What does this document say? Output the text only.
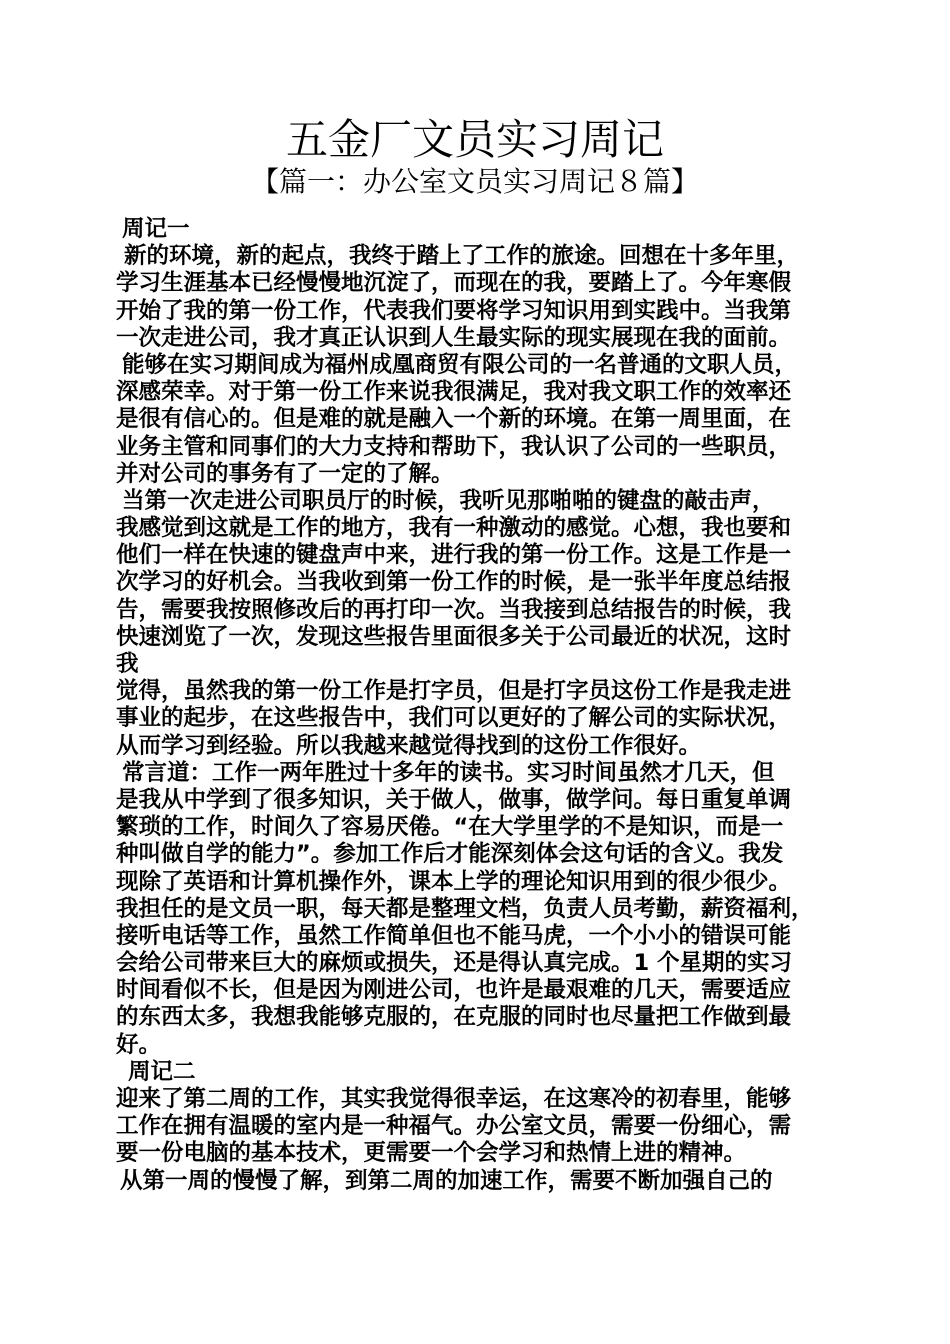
五金厂文员实习周记
【篇一：办公室文员实习周记８篇】
周记一
新的环境，新的起点，我终于踏上了工作的旅途。回想在十多年里，
学习生涯基本已经慢慢地沉淀了，而现在的我，要踏上了。今年寒假
开始了我的第一份工作，代表我们要将学习知识用到实践中。当我第
一次走进公司，我才真正认识到人生最实际的现实展现在我的面前。
能够在实习期间成为福州成凰商贸有限公司的一名普通的文职人员，
深感荣幸。对于第一份工作来说我很满足，我对我文职工作的效率还
是很有信心的。但是难的就是融入一个新的环境。在第一周里面，在
业务主管和同事们的大力支持和帮助下，我认识了公司的一些职员，
并对公司的事务有了一定的了解。
当第一次走进公司职员厅的时候，我听见那啪啪的键盘的敲击声，
我感觉到这就是工作的地方，我有一种激动的感觉。心想，我也要和
他们一样在快速的键盘声中来，进行我的第一份工作。这是工作是一
次学习的好机会。当我收到第一份工作的时候，是一张半年度总结报
告，需要我按照修改后的再打印一次。当我接到总结报告的时候，我
快速浏览了一次，发现这些报告里面很多关于公司最近的状况，这时
我
觉得，虽然我的第一份工作是打字员，但是打字员这份工作是我走进
事业的起步，在这些报告中，我们可以更好的了解公司的实际状况，
从而学习到经验。所以我越来越觉得找到的这份工作很好。
常言道：工作一两年胜过十多年的读书。实习时间虽然才几天，但
是我从中学到了很多知识，关于做人，做事，做学问。每日重复单调
繁琐的工作，时间久了容易厌倦。“在大学里学的不是知识，而是一
种叫做自学的能力”。参加工作后才能深刻体会这句话的含义。我发
现除了英语和计算机操作外，课本上学的理论知识用到的很少很少。
我担任的是文员一职，每天都是整理文档，负责人员考勤，薪资福利，
接听电话等工作，虽然工作简单但也不能马虎，一个小小的错误可能
会给公司带来巨大的麻烦或损失，还是得认真完成。1 个星期的实习
时间看似不长，但是因为刚进公司，也许是最艰难的几天，需要适应
的东西太多，我想我能够克服的，在克服的同时也尽量把工作做到最
好。
周记二
迎来了第二周的工作，其实我觉得很幸运，在这寒冷的初春里，能够
工作在拥有温暖的室内是一种福气。办公室文员，需要一份细心，需
要一份电脑的基本技术，更需要一个会学习和热情上进的精神。
从第一周的慢慢了解，到第二周的加速工作，需要不断加强自己的
